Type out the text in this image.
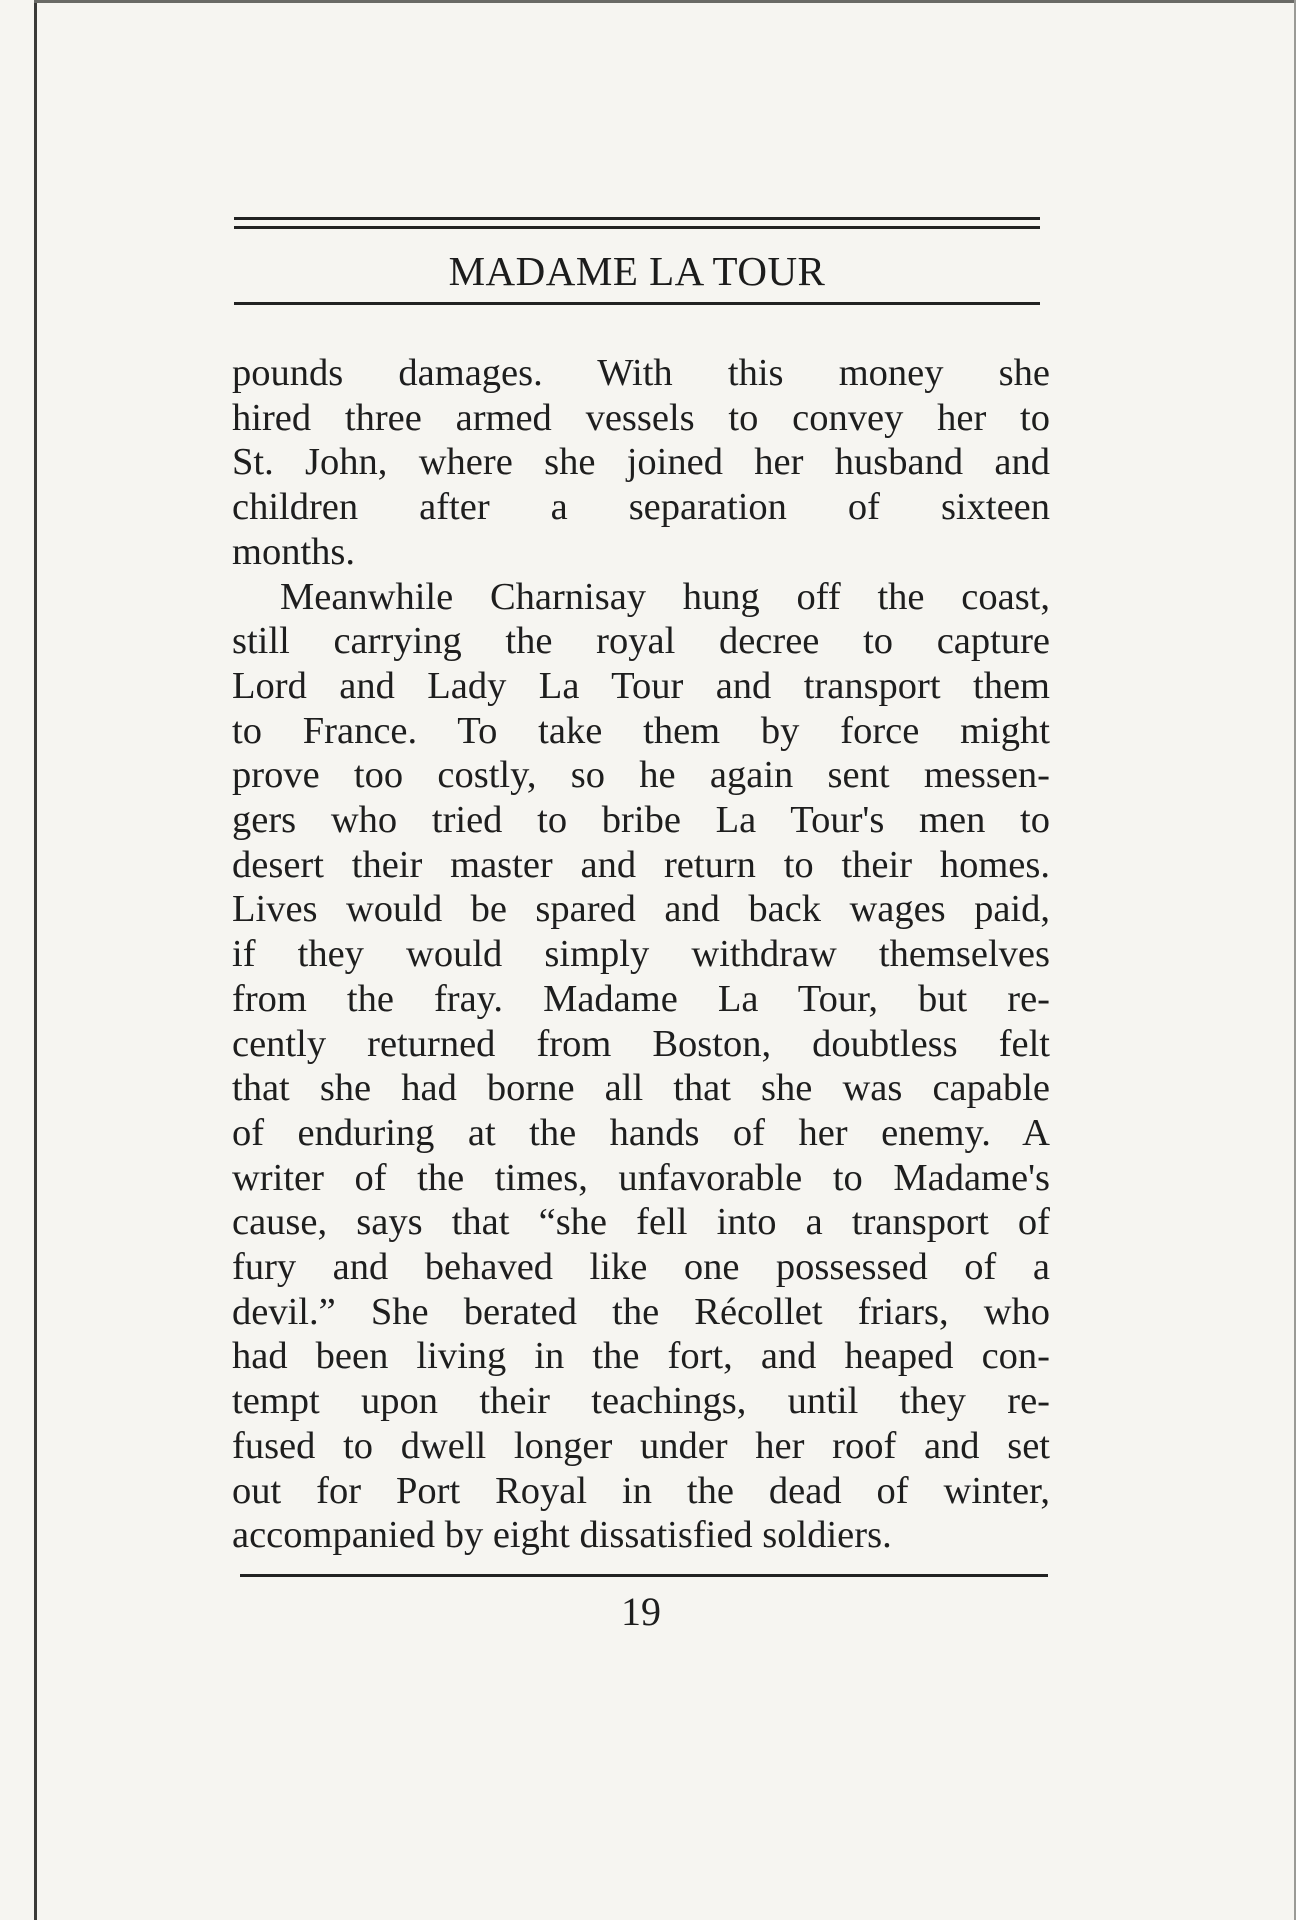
MADAME LA TOUR

pounds damages. With this money she
hired three armed vessels to convey her to
St. John, where she joined her husband and
children after a separation of sixteen
months.

Meanwhile Charnisay hung off the coast,
still carrying the royal decree to capture
Lord and Lady La Tour and transport them
to France. To take them by force might
prove too costly, so he again sent messen-
gers who tried to bribe La Tour's men to
desert their master and return to their homes.
Lives would be spared and back wages paid,
if they would simply withdraw themselves
from the fray. Madame La Tour, but re-
cently returned from Boston, doubtless felt
that she had borne all that she was capable
of enduring at the hands of her enemy. A
writer of the times, unfavorable to Madame's
cause, says that “she fell into a transport of
fury and behaved like one possessed of a
devil.” She berated the Récollet friars, who
had been living in the fort, and heaped con-
tempt upon their teachings, until they re-
fused to dwell longer under her roof and set
out for Port Royal in the dead of winter,
accompanied by eight dissatisfied soldiers.

19
